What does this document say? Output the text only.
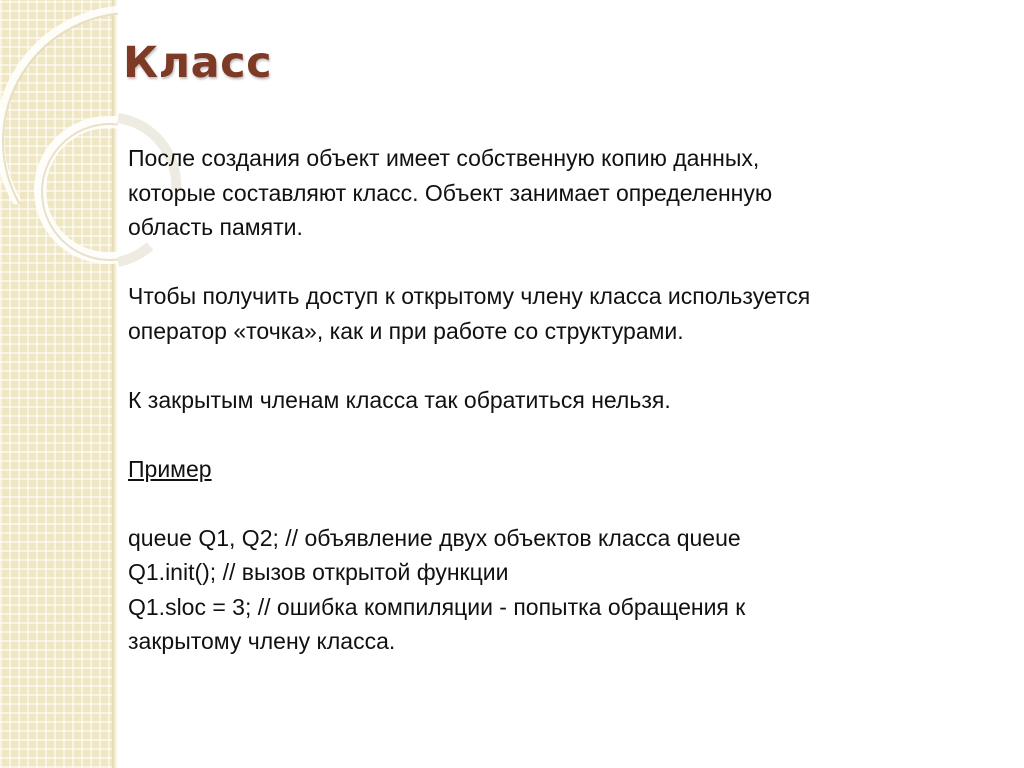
Класс

После создания объект имеет собственную копию данных,

которые составляют класс. Объект занимает определенную

область памяти.

Чтобы получить доступ к открытому члену класса используется

оператор «точка», как и при работе со структурами.

К закрытым членам класса так обратиться нельзя.

Пример

queue Q1, Q2; // объявление двух объектов класса queue

Q1.init(); // вызов открытой функции

Q1.sloc = 3; // ошибка компиляции - попытка обращения к

закрытому члену класса.
